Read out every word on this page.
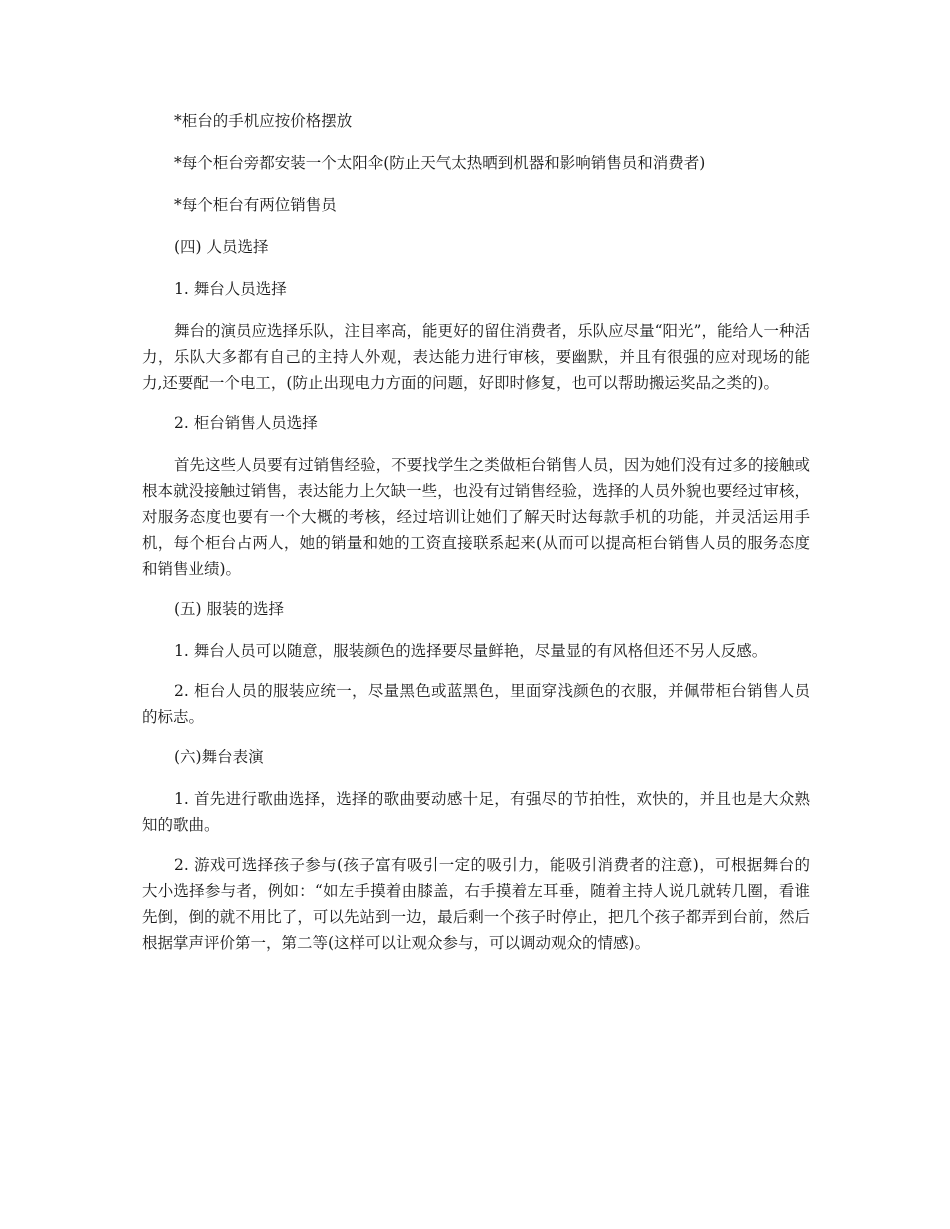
*柜台的手机应按价格摆放

*每个柜台旁都安装一个太阳伞(防止天气太热晒到机器和影响销售员和消费者)

*每个柜台有两位销售员

(四) 人员选择

1. 舞台人员选择

舞台的演员应选择乐队，注目率高，能更好的留住消费者，乐队应尽量“阳光”，能给人一种活力，乐队大多都有自己的主持人外观，表达能力进行审核，要幽默，并且有很强的应对现场的能力,还要配一个电工，(防止出现电力方面的问题，好即时修复，也可以帮助搬运奖品之类的)。

2. 柜台销售人员选择

首先这些人员要有过销售经验，不要找学生之类做柜台销售人员，因为她们没有过多的接触或根本就没接触过销售，表达能力上欠缺一些，也没有过销售经验，选择的人员外貌也要经过审核，对服务态度也要有一个大概的考核，经过培训让她们了解天时达每款手机的功能，并灵活运用手机，每个柜台占两人，她的销量和她的工资直接联系起来(从而可以提高柜台销售人员的服务态度和销售业绩)。

(五) 服装的选择

1. 舞台人员可以随意，服装颜色的选择要尽量鲜艳，尽量显的有风格但还不另人反感。

2. 柜台人员的服装应统一，尽量黑色或蓝黑色，里面穿浅颜色的衣服，并佩带柜台销售人员的标志。

(六)舞台表演

1. 首先进行歌曲选择，选择的歌曲要动感十足，有强尽的节拍性，欢快的，并且也是大众熟知的歌曲。

2. 游戏可选择孩子参与(孩子富有吸引一定的吸引力，能吸引消费者的注意)，可根据舞台的大小选择参与者，例如：“如左手摸着由膝盖，右手摸着左耳垂，随着主持人说几就转几圈，看谁先倒，倒的就不用比了，可以先站到一边，最后剩一个孩子时停止，把几个孩子都弄到台前，然后根据掌声评价第一，第二等(这样可以让观众参与，可以调动观众的情感)。
